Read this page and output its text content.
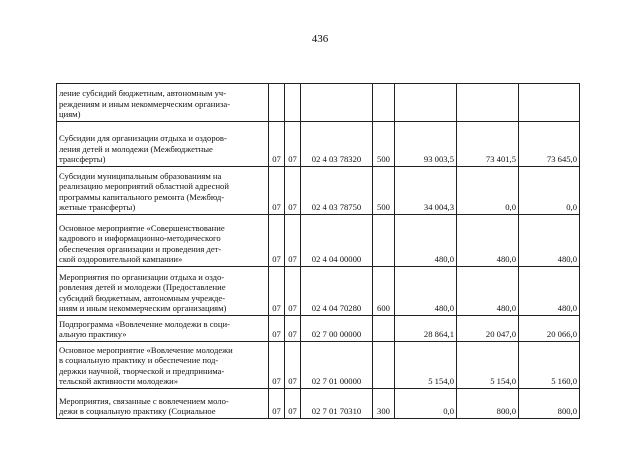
436
ление субсидий бюджетным, автономным уч-
реждениям и иным некоммерческим организа-
циям)							
Субсидии для организации отдыха и оздоров-
ления детей и молодежи (Межбюджетные
трансферты)	07	07	02 4 03 78320	500	93 003,5	73 401,5	73 645,0
Субсидии муниципальным образованиям на
реализацию мероприятий областной адресной
программы капитального ремонта (Межбюд-
жетные трансферты)	07	07	02 4 03 78750	500	34 004,3	0,0	0,0
Основное мероприятие «Совершенствование
кадрового и информационно-методического
обеспечения организации и проведения дет-
ской оздоровительной кампании»	07	07	02 4 04 00000		480,0	480,0	480,0
Мероприятия по организации отдыха и оздо-
ровления детей и молодежи (Предоставление
субсидий бюджетным, автономным учрежде-
ниям и иным некоммерческим организациям)	07	07	02 4 04 70280	600	480,0	480,0	480,0
Подпрограмма «Вовлечение молодежи в соци-
альную практику»	07	07	02 7 00 00000		28 864,1	20 047,0	20 066,0
Основное мероприятие «Вовлечение молодежи
в социальную практику и обеспечение под-
держки научной, творческой и предпринима-
тельской активности молодежи»	07	07	02 7 01 00000		5 154,0	5 154,0	5 160,0
Мероприятия, связанные с вовлечением моло-
дежи в социальную практику (Социальное	07	07	02 7 01 70310	300	0,0	800,0	800,0
